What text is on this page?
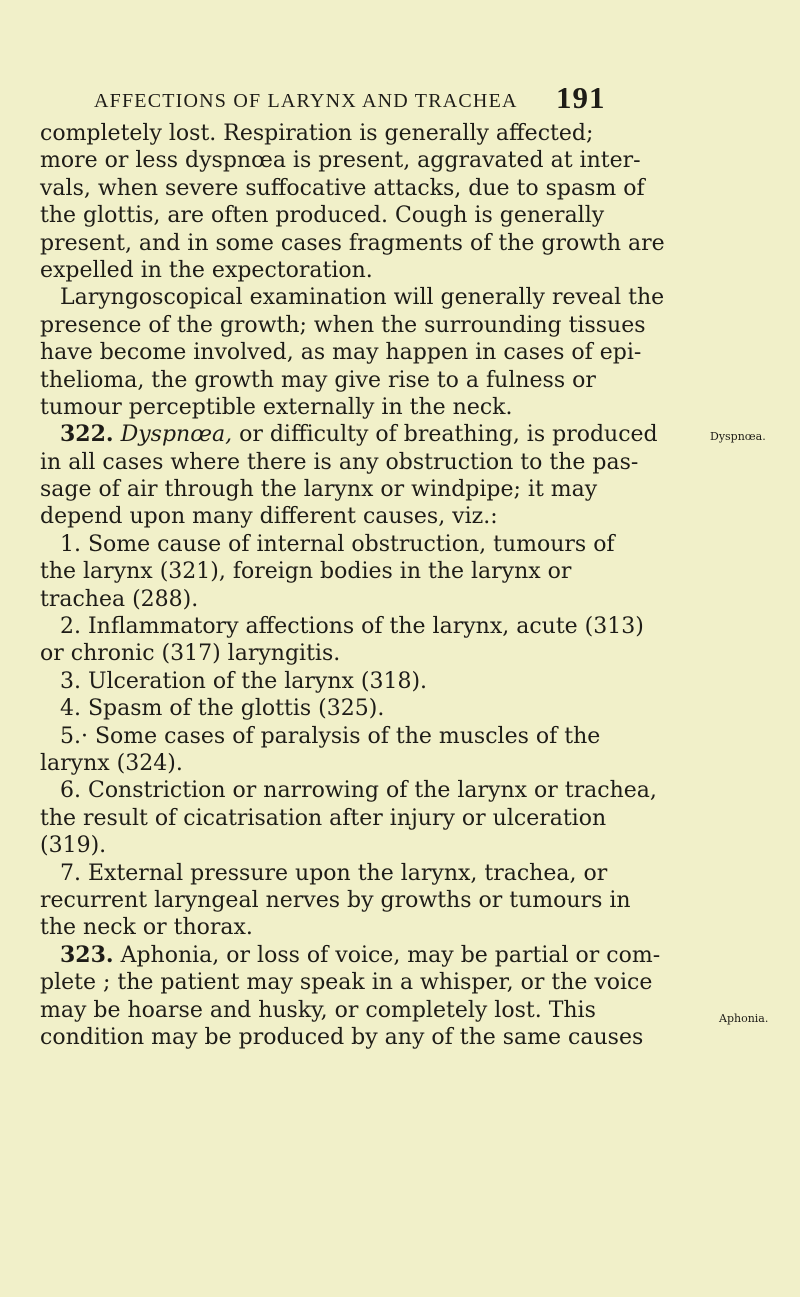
AFFECTIONS OF LARYNX AND TRACHEA 191
completely lost. Respiration is generally affected;
more or less dyspnœa is present, aggravated at inter-
vals, when severe suffocative attacks, due to spasm of
the glottis, are often produced. Cough is generally
present, and in some cases fragments of the growth are
expelled in the expectoration.
Laryngoscopical examination will generally reveal the
presence of the growth; when the surrounding tissues
have become involved, as may happen in cases of epi-
thelioma, the growth may give rise to a fulness or
tumour perceptible externally in the neck.
322. Dyspnœa, or difficulty of breathing, is produced
in all cases where there is any obstruction to the pas-
sage of air through the larynx or windpipe; it may
depend upon many different causes, viz.:
1. Some cause of internal obstruction, tumours of
the larynx (321), foreign bodies in the larynx or
trachea (288).
2. Inflammatory affections of the larynx, acute (313)
or chronic (317) laryngitis.
3. Ulceration of the larynx (318).
4. Spasm of the glottis (325).
5.· Some cases of paralysis of the muscles of the
larynx (324).
6. Constriction or narrowing of the larynx or trachea,
the result of cicatrisation after injury or ulceration
(319).
7. External pressure upon the larynx, trachea, or
recurrent laryngeal nerves by growths or tumours in
the neck or thorax.
323. Aphonia, or loss of voice, may be partial or com-
plete ; the patient may speak in a whisper, or the voice
may be hoarse and husky, or completely lost. This
condition may be produced by any of the same causes
Dyspnœa.
Aphonia.
